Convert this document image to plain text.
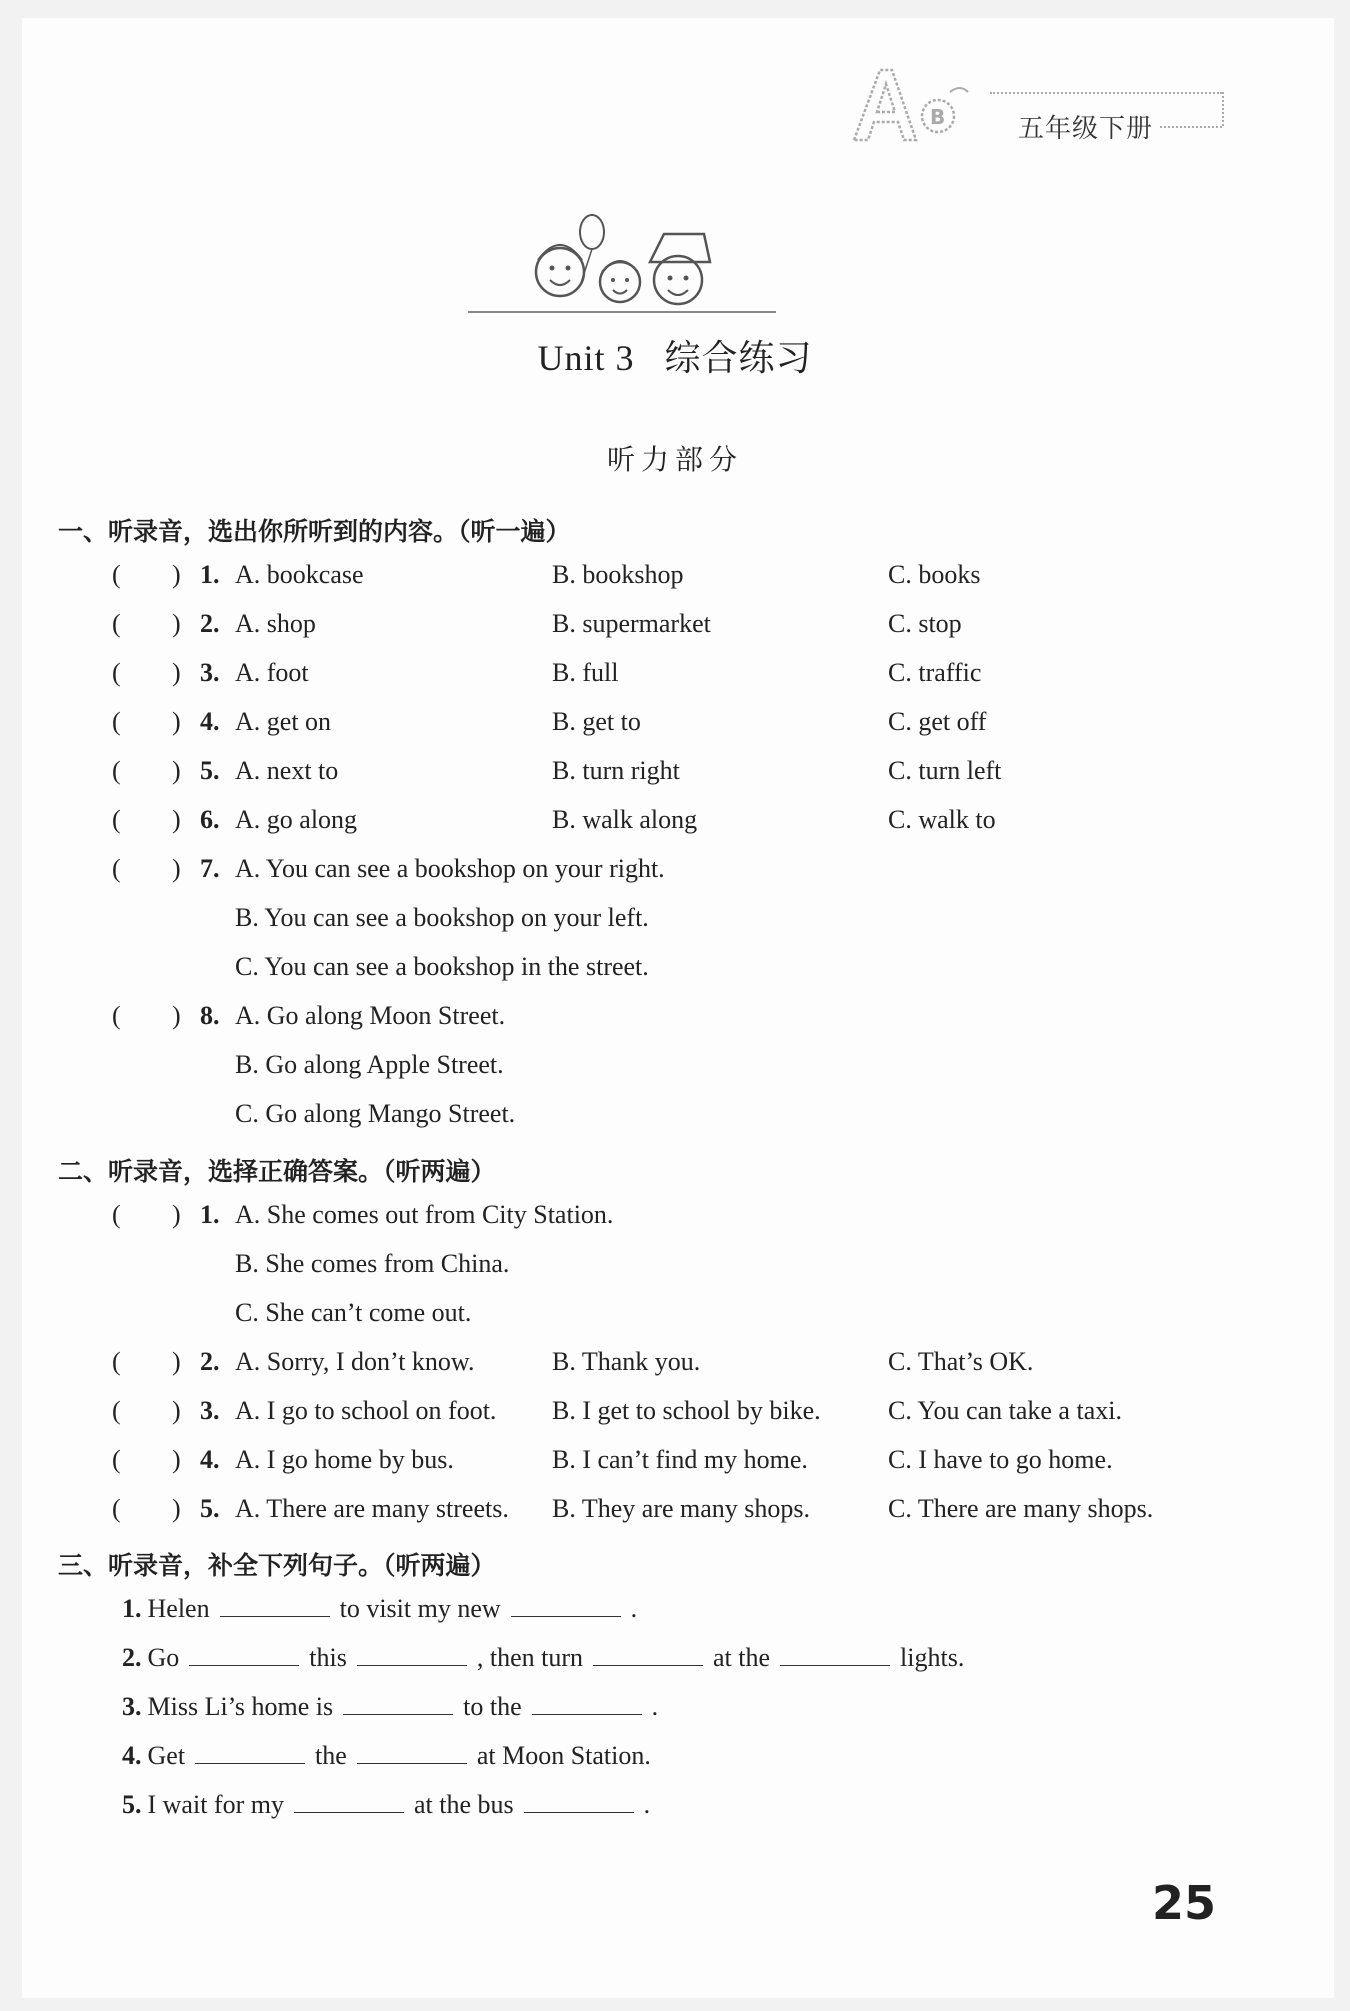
B	五年级下册
Unit 3 综合练习
听力部分
一、听录音，选出你所听到的内容。（听一遍）
( ) 1. A. bookcase	B. bookshop	C. books
( ) 2. A. shop	B. supermarket	C. stop
( ) 3. A. foot	B. full	C. traffic
( ) 4. A. get on	B. get to	C. get off
( ) 5. A. next to	B. turn right	C. turn left
( ) 6. A. go along	B. walk along	C. walk to
( ) 7. A. You can see a bookshop on your right.
B. You can see a bookshop on your left.
C. You can see a bookshop in the street.
( ) 8. A. Go along Moon Street.
B. Go along Apple Street.
C. Go along Mango Street.
二、听录音，选择正确答案。（听两遍）
( ) 1. A. She comes out from City Station.
B. She comes from China.
C. She can’t come out.
( ) 2. A. Sorry, I don’t know.	B. Thank you.	C. That’s OK.
( ) 3. A. I go to school on foot. B. I get to school by bike.	C. You can take a taxi.
( ) 4. A. I go home by bus.	B. I can’t find my home.	C. I have to go home.
( ) 5. A. There are many streets. B. They are many shops.	C. There are many shops.
三、听录音，补全下列句子。（听两遍）
1. Helen	to visit my new	.
2. Go	this	, then turn	at the	lights.
3. Miss Li’s home is	to the	.
4. Get	the	at Moon Station.
5. I wait for my	at the bus	.
25
